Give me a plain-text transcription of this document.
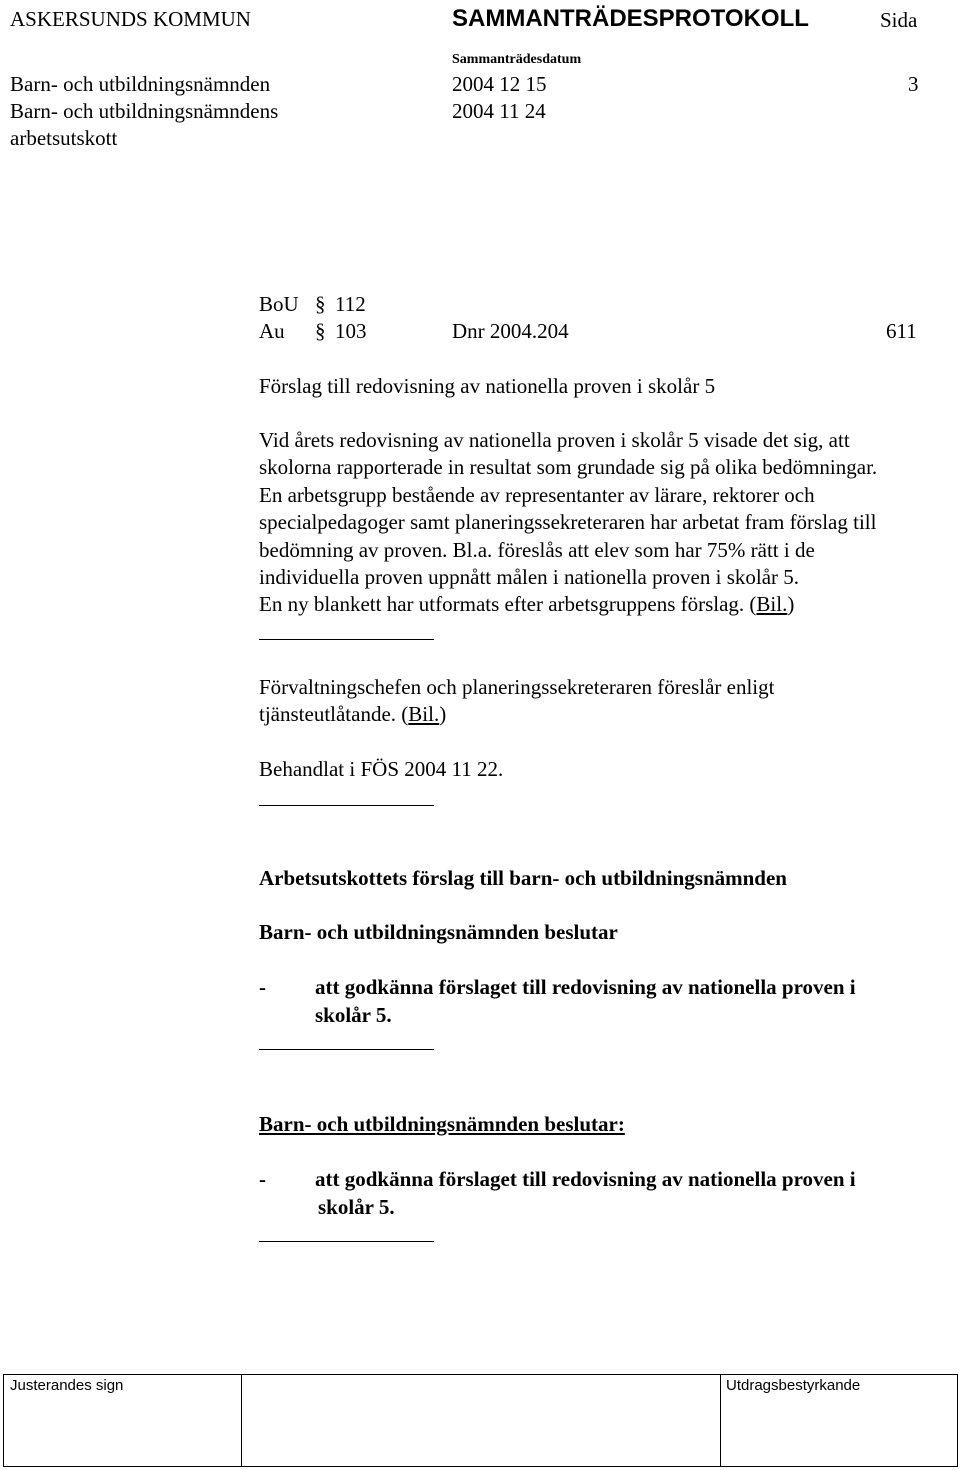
ASKERSUNDS KOMMUN	SAMMANTRÄDESPROTOKOLL	Sida
Sammanträdesdatum
Barn- och utbildningsnämnden	2004 12 15	3
Barn- och utbildningsnämndens	2004 11 24
arbetsutskott
BoU § 112
Au § 103	Dnr 2004.204	611
Förslag till redovisning av nationella proven i skolår 5
Vid årets redovisning av nationella proven i skolår 5 visade det sig, att
skolorna rapporterade in resultat som grundade sig på olika bedömningar.
En arbetsgrupp bestående av representanter av lärare, rektorer och
specialpedagoger samt planeringssekreteraren har arbetat fram förslag till
bedömning av proven. Bl.a. föreslås att elev som har 75% rätt i de
individuella proven uppnått målen i nationella proven i skolår 5.
En ny blankett har utformats efter arbetsgruppens förslag. (Bil.)
Förvaltningschefen och planeringssekreteraren föreslår enligt
tjänsteutlåtande. (Bil.)
Behandlat i FÖS 2004 11 22.
Arbetsutskottets förslag till barn- och utbildningsnämnden
Barn- och utbildningsnämnden beslutar
- att godkänna förslaget till redovisning av nationella proven i
skolår 5.
Barn- och utbildningsnämnden beslutar:
- att godkänna förslaget till redovisning av nationella proven i
skolår 5.
Justerandes sign	Utdragsbestyrkande
